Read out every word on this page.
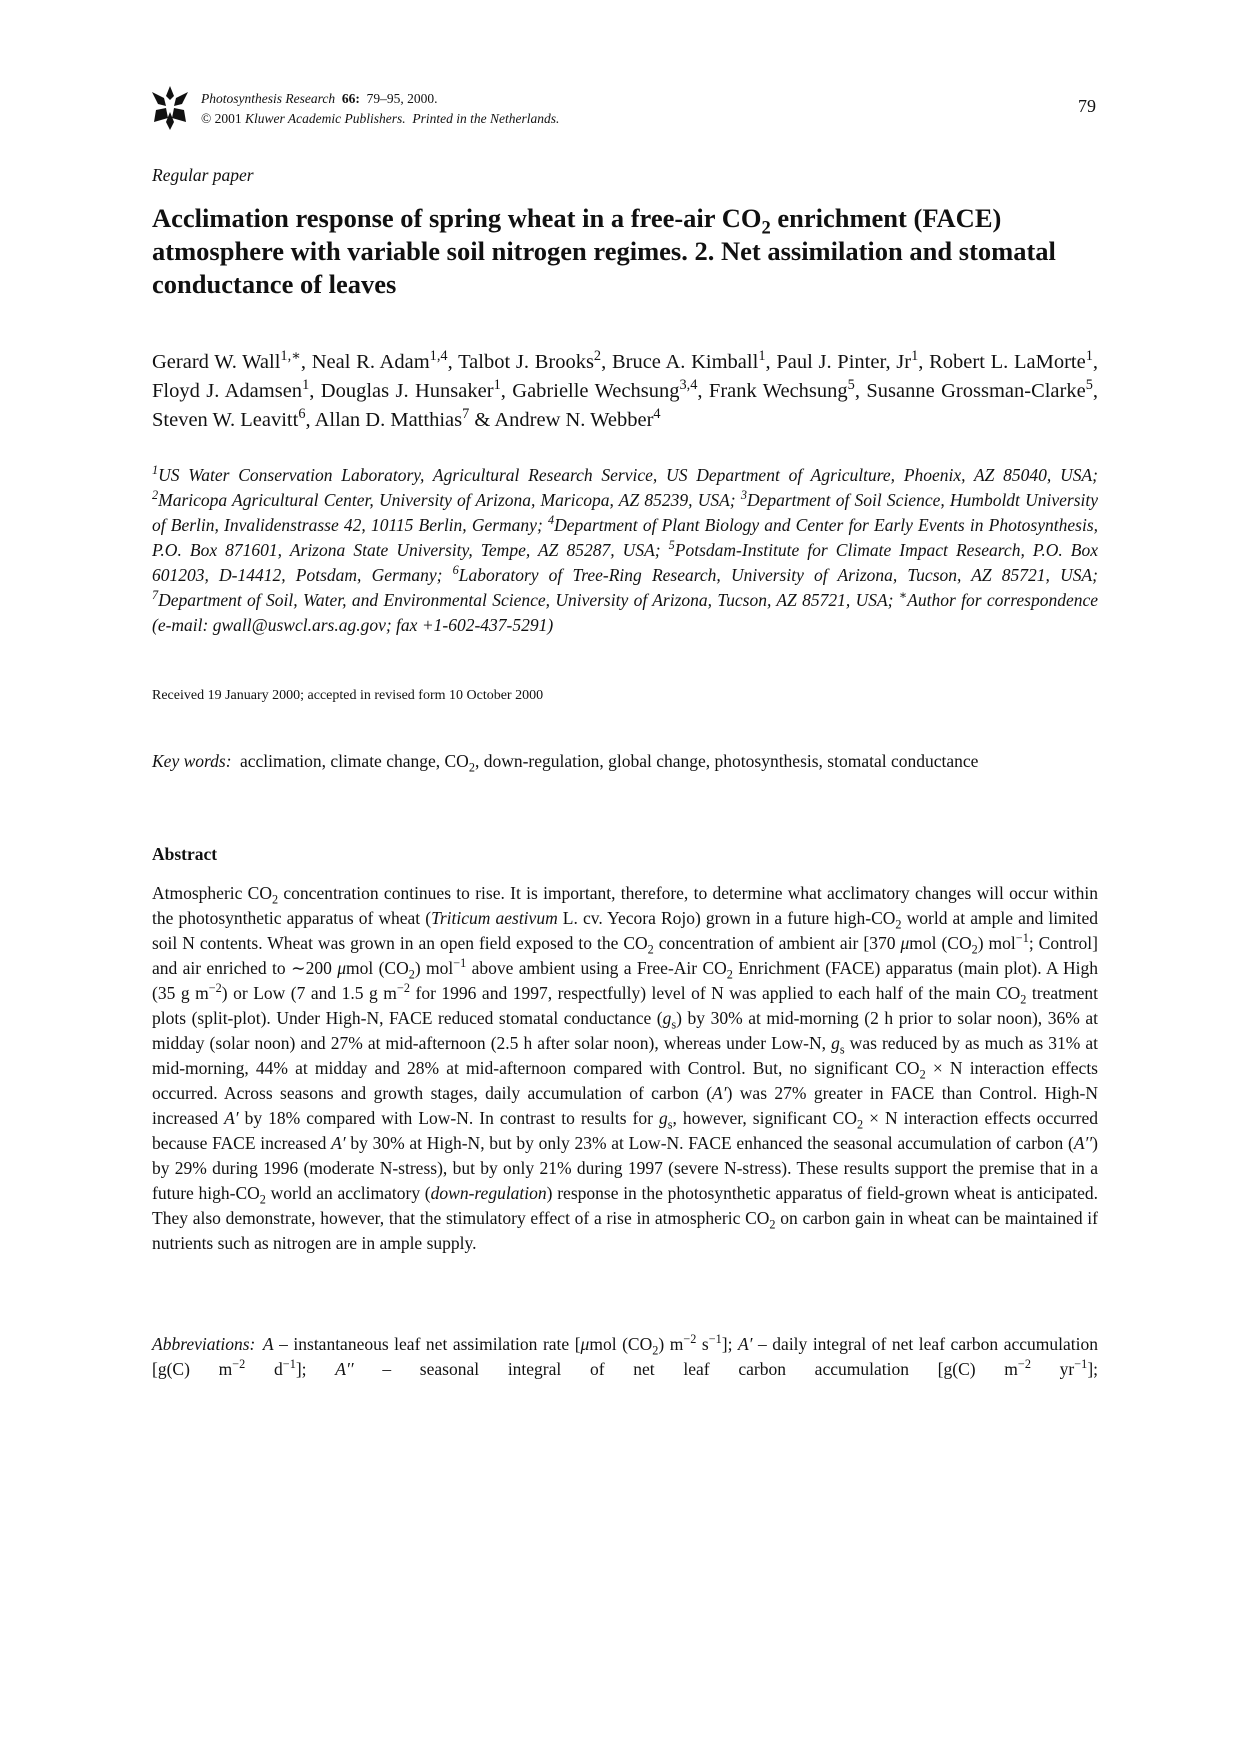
Photosynthesis Research 66: 79–95, 2000.
© 2001 Kluwer Academic Publishers. Printed in the Netherlands.
79
Regular paper
Acclimation response of spring wheat in a free-air $CO_2$ enrichment (FACE) atmosphere with variable soil nitrogen regimes. 2. Net assimilation and stomatal conductance of leaves
Gerard W. Wall$^{1,∗}$, Neal R. Adam$^{1,4}$, Talbot J. Brooks$^2$, Bruce A. Kimball$^1$, Paul J. Pinter, Jr$^1$, Robert L. LaMorte$^1$, Floyd J. Adamsen$^1$, Douglas J. Hunsaker$^1$, Gabrielle Wechsung$^{3,4}$, Frank Wechsung$^5$, Susanne Grossman-Clarke$^5$, Steven W. Leavitt$^6$, Allan D. Matthias$^7$ & Andrew N. Webber$^4$
$^1$US Water Conservation Laboratory, Agricultural Research Service, US Department of Agriculture, Phoenix, AZ 85040, USA; $^2$Maricopa Agricultural Center, University of Arizona, Maricopa, AZ 85239, USA; $^3$Department of Soil Science, Humboldt University of Berlin, Invalidenstrasse 42, 10115 Berlin, Germany; $^4$Department of Plant Biology and Center for Early Events in Photosynthesis, P.O. Box 871601, Arizona State University, Tempe, AZ 85287, USA; $^5$Potsdam-Institute for Climate Impact Research, P.O. Box 601203, D-14412, Potsdam, Germany; $^6$Laboratory of Tree-Ring Research, University of Arizona, Tucson, AZ 85721, USA; $^7$Department of Soil, Water, and Environmental Science, University of Arizona, Tucson, AZ 85721, USA; ∗Author for correspondence (e-mail: gwall@uswcl.ars.ag.gov; fax +1-602-437-5291)
Received 19 January 2000; accepted in revised form 10 October 2000
Key words: acclimation, climate change, $CO_2$, down-regulation, global change, photosynthesis, stomatal conductance
Abstract
Atmospheric $CO_2$ concentration continues to rise. It is important, therefore, to determine what acclimatory changes will occur within the photosynthetic apparatus of wheat (Triticum aestivum L. cv. Yecora Rojo) grown in a future high-$CO_2$ world at ample and limited soil N contents. Wheat was grown in an open field exposed to the $CO_2$ concentration of ambient air [370 μmol $(CO_2)$ mol$^{-1}$; Control] and air enriched to ∼200 μmol $(CO_2)$ mol$^{-1}$ above ambient using a Free-Air $CO_2$ Enrichment (FACE) apparatus (main plot). A High (35 g $m^{-2}$) or Low (7 and 1.5 g $m^{-2}$ for 1996 and 1997, respectfully) level of N was applied to each half of the main $CO_2$ treatment plots (split-plot). Under High-N, FACE reduced stomatal conductance $(g_s)$ by 30% at mid-morning (2 h prior to solar noon), 36% at midday (solar noon) and 27% at mid-afternoon (2.5 h after solar noon), whereas under Low-N, $g_s$ was reduced by as much as 31% at mid-morning, 44% at midday and 28% at mid-afternoon compared with Control. But, no significant $CO_2 \times N$ interaction effects occurred. Across seasons and growth stages, daily accumulation of carbon (A′) was 27% greater in FACE than Control. High-N increased A′ by 18% compared with Low-N. In contrast to results for $g_s$, however, significant $CO_2 \times N$ interaction effects occurred because FACE increased A′ by 30% at High-N, but by only 23% at Low-N. FACE enhanced the seasonal accumulation of carbon (A′′) by 29% during 1996 (moderate N-stress), but by only 21% during 1997 (severe N-stress). These results support the premise that in a future high-$CO_2$ world an acclimatory (down-regulation) response in the photosynthetic apparatus of field-grown wheat is anticipated. They also demonstrate, however, that the stimulatory effect of a rise in atmospheric $CO_2$ on carbon gain in wheat can be maintained if nutrients such as nitrogen are in ample supply.
Abbreviations: A – instantaneous leaf net assimilation rate [μmol $(CO_2)$ $m^{-2}$ $s^{-1}$]; A′ – daily integral of net leaf carbon accumulation [g(C) $m^{-2}$ $d^{-1}$]; A′′ – seasonal integral of net leaf carbon accumulation [g(C) $m^{-2}$ $yr^{-1}$];
